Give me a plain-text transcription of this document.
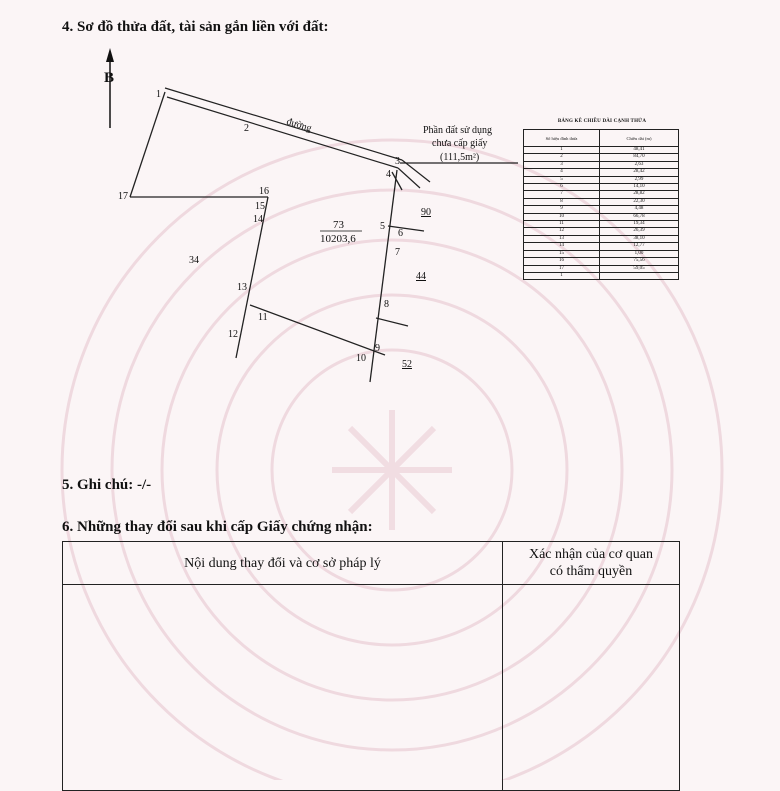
4. Sơ đồ thửa đất, tài sản gắn liền với đất:
B
đường
1
2
3
4
5
6
7
8
9
10
11
12
13
14
15
16
17
73
10203,6
34
90
44
52
Phần đất sử dụng
chưa cấp giấy
(111,5m²)
BẢNG KÊ CHIỀU DÀI CẠNH THỬA
Số hiệu đỉnh thửa	Chiều dài (m)
1	48,41
2	84,70
3	2,63
4	28,42
5	2,99
6	14,10
7	28,82
8	22,30
9	4,48
10	66,78
11	19,34
12	26,39
13	38,10
14	12,77
15	1,00
16	75,56
17	59,05
1	
5. Ghi chú: -/-
6. Những thay đổi sau khi cấp Giấy chứng nhận:
Nội dung thay đổi và cơ sở pháp lý	Xác nhận của cơ quan
có thẩm quyền
